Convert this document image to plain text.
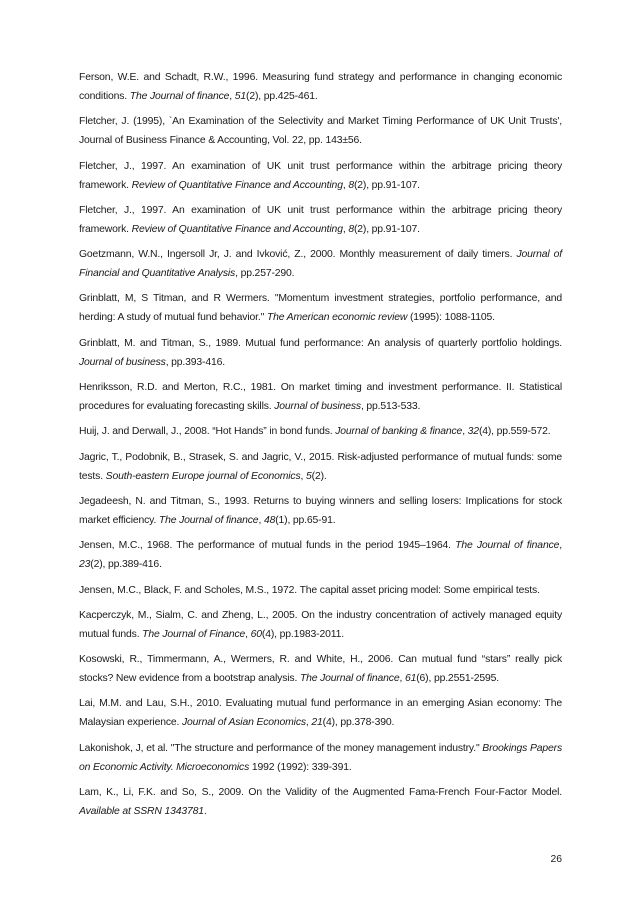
Ferson, W.E. and Schadt, R.W., 1996. Measuring fund strategy and performance in changing economic conditions. The Journal of finance, 51(2), pp.425-461.

Fletcher, J. (1995), `An Examination of the Selectivity and Market Timing Performance of UK Unit Trusts', Journal of Business Finance & Accounting, Vol. 22, pp. 143±56.

Fletcher, J., 1997. An examination of UK unit trust performance within the arbitrage pricing theory framework. Review of Quantitative Finance and Accounting, 8(2), pp.91-107.

Fletcher, J., 1997. An examination of UK unit trust performance within the arbitrage pricing theory framework. Review of Quantitative Finance and Accounting, 8(2), pp.91-107.

Goetzmann, W.N., Ingersoll Jr, J. and Ivković, Z., 2000. Monthly measurement of daily timers. Journal of Financial and Quantitative Analysis, pp.257-290.

Grinblatt, M, S Titman, and R Wermers. "Momentum investment strategies, portfolio performance, and herding: A study of mutual fund behavior." The American economic review (1995): 1088-1105.

Grinblatt, M. and Titman, S., 1989. Mutual fund performance: An analysis of quarterly portfolio holdings. Journal of business, pp.393-416.

Henriksson, R.D. and Merton, R.C., 1981. On market timing and investment performance. II. Statistical procedures for evaluating forecasting skills. Journal of business, pp.513-533.

Huij, J. and Derwall, J., 2008. “Hot Hands” in bond funds. Journal of banking & finance, 32(4), pp.559-572.

Jagric, T., Podobnik, B., Strasek, S. and Jagric, V., 2015. Risk-adjusted performance of mutual funds: some tests. South-eastern Europe journal of Economics, 5(2).

Jegadeesh, N. and Titman, S., 1993. Returns to buying winners and selling losers: Implications for stock market efficiency. The Journal of finance, 48(1), pp.65-91.

Jensen, M.C., 1968. The performance of mutual funds in the period 1945–1964. The Journal of finance, 23(2), pp.389-416.

Jensen, M.C., Black, F. and Scholes, M.S., 1972. The capital asset pricing model: Some empirical tests.

Kacperczyk, M., Sialm, C. and Zheng, L., 2005. On the industry concentration of actively managed equity mutual funds. The Journal of Finance, 60(4), pp.1983-2011.

Kosowski, R., Timmermann, A., Wermers, R. and White, H., 2006. Can mutual fund “stars” really pick stocks? New evidence from a bootstrap analysis. The Journal of finance, 61(6), pp.2551-2595.

Lai, M.M. and Lau, S.H., 2010. Evaluating mutual fund performance in an emerging Asian economy: The Malaysian experience. Journal of Asian Economics, 21(4), pp.378-390.

Lakonishok, J, et al. "The structure and performance of the money management industry." Brookings Papers on Economic Activity. Microeconomics 1992 (1992): 339-391.

Lam, K., Li, F.K. and So, S., 2009. On the Validity of the Augmented Fama-French Four-Factor Model. Available at SSRN 1343781.

26
